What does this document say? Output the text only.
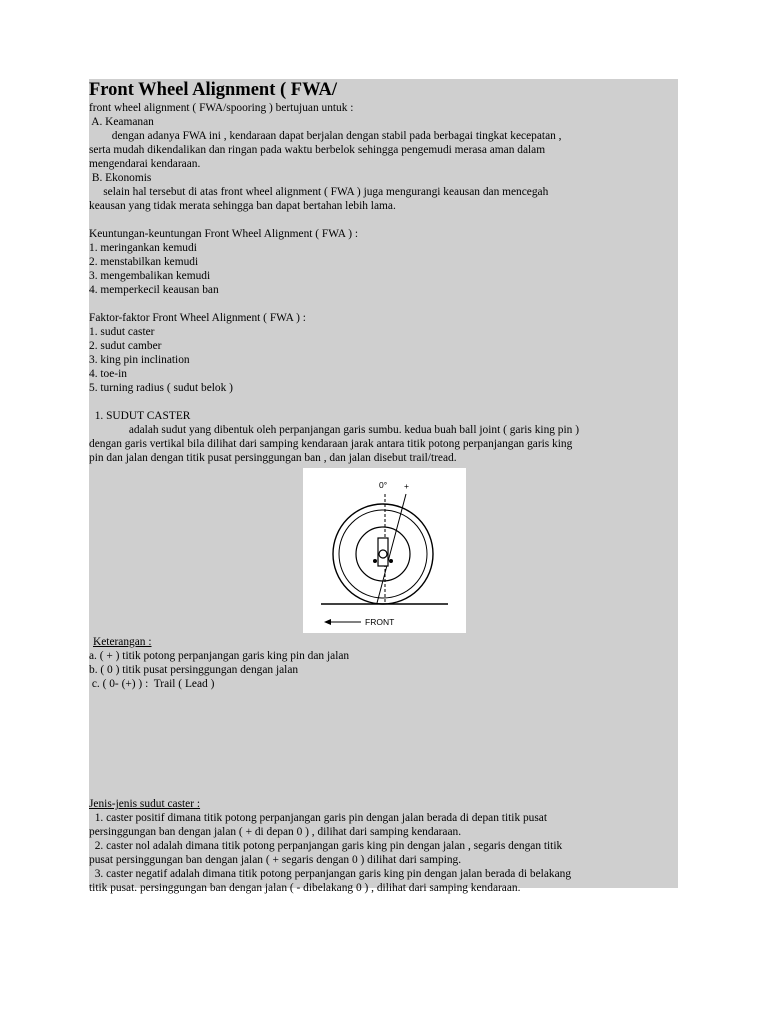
Front Wheel Alignment ( FWA/
front wheel alignment ( FWA/spooring ) bertujuan untuk :
A. Keamanan
dengan adanya FWA ini , kendaraan dapat berjalan dengan stabil pada berbagai tingkat kecepatan ,
serta mudah dikendalikan dan ringan pada waktu berbelok sehingga pengemudi merasa aman dalam
mengendarai kendaraan.
B. Ekonomis
selain hal tersebut di atas front wheel alignment ( FWA ) juga mengurangi keausan dan mencegah
keausan yang tidak merata sehingga ban dapat bertahan lebih lama.
Keuntungan-keuntungan Front Wheel Alignment ( FWA ) :
1. meringankan kemudi
2. menstabilkan kemudi
3. mengembalikan kemudi
4. memperkecil keausan ban
Faktor-faktor Front Wheel Alignment ( FWA ) :
1. sudut caster
2. sudut camber
3. king pin inclination
4. toe-in
5. turning radius ( sudut belok )
1. SUDUT CASTER
adalah sudut yang dibentuk oleh perpanjangan garis sumbu. kedua buah ball joint ( garis king pin )
dengan garis vertikal bila dilihat dari samping kendaraan jarak antara titik potong perpanjangan garis king
pin dan jalan dengan titik pusat persinggungan ban , dan jalan disebut trail/tread.
0° +
FRONT
Keterangan :
a. ( + ) titik potong perpanjangan garis king pin dan jalan
b. ( 0 ) titik pusat persinggungan dengan jalan
c. ( 0- (+) ) :  Trail ( Lead )
Jenis-jenis sudut caster :
1. caster positif dimana titik potong perpanjangan garis pin dengan jalan berada di depan titik pusat
persinggungan ban dengan jalan ( + di depan 0 ) , dilihat dari samping kendaraan.
2. caster nol adalah dimana titik potong perpanjangan garis king pin dengan jalan , segaris dengan titik
pusat persinggungan ban dengan jalan ( + segaris dengan 0 ) dilihat dari samping.
3. caster negatif adalah dimana titik potong perpanjangan garis king pin dengan jalan berada di belakang
titik pusat. persinggungan ban dengan jalan ( - dibelakang 0 ) , dilihat dari samping kendaraan.
